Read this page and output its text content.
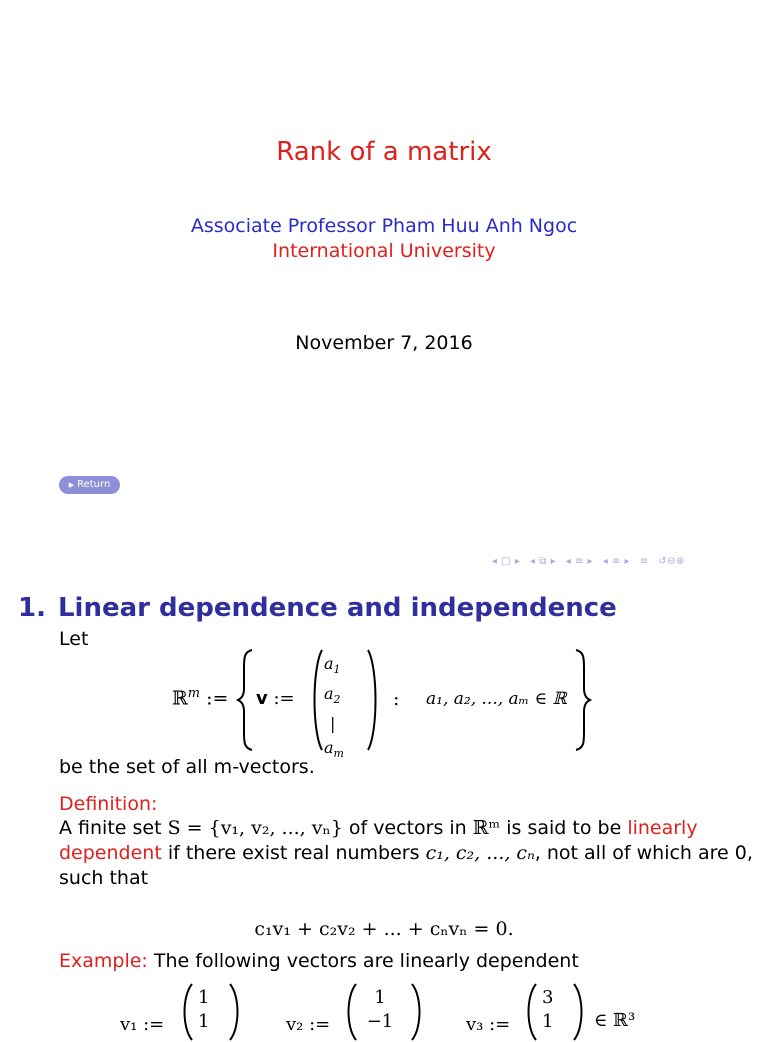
Rank of a matrix
Associate Professor Pham Huu Anh Ngoc
International University
November 7, 2016
▶ Return
◂ □ ▸ ◂ ⧉ ▸ ◂ ≡ ▸ ◂ ≡ ▸ ≡ ↺⊖⊕
1. Linear dependence and independence
Let
ℝ$^m$ := v :=
$a_1$
$a_2$
|
$a_m$
: a₁, a₂, ..., aₘ ∈ ℝ
be the set of all m-vectors.
Definition:
A finite set S = {v₁, v₂, ..., vₙ} of vectors in ℝᵐ is said to be linearly
dependent if there exist real numbers c₁, c₂, ..., cₙ, not all of which are 0,
such that
c₁v₁ + c₂v₂ + ... + cₙvₙ = 0.
Example: The following vectors are linearly dependent
v₁ :=
1
1	v₂ :=
1
−1	v₃ :=
3
1 ∈ ℝ³
